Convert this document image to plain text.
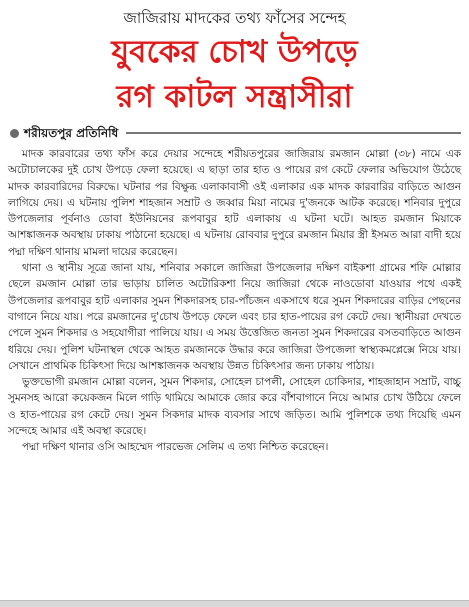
জাজিরায় মাদকের তথ্য ফাঁসের সন্দেহ
যুবকের চোখ উপড়ে
রগ কাটল সন্ত্রাসীরা
শরীয়তপুর প্রতিনিধি

মাদক কারবারের তথ্য ফাঁস করে দেয়ার সন্দেহে শরীয়তপুরের জাজিরায় রমজান মোল্লা (৩৮) নামে এক অটোচালকের দুই চোখ উপড়ে ফেলা হয়েছে। এ ছাড়া তার হাত ও পায়ের রগ কেটে ফেলার অভিযোগ উঠেছে মাদক কারবারিদের বিরুদ্ধে। ঘটনার পর বিক্ষুব্ধ এলাকাবাসী ওই এলাকার এক মাদক কারবারির বাড়িতে আগুন লাগিয়ে দেয়। এ ঘটনায় পুলিশ শাহজান সম্রাট ও জব্বার মিয়া নামের দু'জনকে আটক করেছে। শনিবার দুপুরে উপজেলার পূর্বনাও ডোবা ইউনিয়নের রূপবাবুর হাট এলাকায় এ ঘটনা ঘটে। আহত রমজান মিয়াকে আশঙ্কাজনক অবস্থায় ঢাকায় পাঠানো হয়েছে। এ ঘটনায় রোববার দুপুরে রমজান মিয়ার স্ত্রী ইসমত আরা বাদী হয়ে পদ্মা দক্ষিণ থানায় মামলা দায়ের করেছেন।

থানা ও স্থানীয় সূত্রে জানা যায়, শনিবার সকালে জাজিরা উপজেলার দক্ষিণ বাইকশা গ্রামের শফি মোল্লার ছেলে রমজান মোল্লা তার ভাড়ায় চালিত অটোরিকশা নিয়ে জাজিরা থেকে নাওডোবা যাওয়ার পথে একই উপজেলার রূপবাবুর হাট এলাকার সুমন শিকদারসহ চার-পাঁচজন একসাথে ধরে সুমন শিকদারের বাড়ির পেছনের বাগানে নিয়ে যায়। পরে রমজানের দু'চোখ উপড়ে ফেলে এবং চার হাত-পায়ের রগ কেটে দেয়। স্থানীয়রা দেখতে পেলে সুমন শিকদার ও সহযোগীরা পালিয়ে যায়। এ সময় উত্তেজিত জনতা সুমন শিকদারের বসতবাড়িতে আগুন ধরিয়ে দেয়। পুলিশ ঘটনাস্থল থেকে আহত রমজানকে উদ্ধার করে জাজিরা উপজেলা স্বাস্থ্যকমপ্লেক্সে নিয়ে যায়। সেখানে প্রাথমিক চিকিৎসা দিয়ে আশঙ্কাজনক অবস্থায় উন্নত চিকিৎসার জন্য ঢাকায় পাঠায়।

ভুক্তভোগী রমজান মোল্লা বলেন, সুমন শিকদার, সোহেল চাপলী, সোহেল চোকিদার, শাহজাহান সম্রাট, বাচ্চু সুমনসহ আরো কয়েকজন মিলে গাড়ি থামিয়ে আমাকে জোর করে বাঁশবাগানে নিয়ে আমার চোখ উঠিয়ে ফেলে ও হাত-পায়ের রগ কেটে দেয়। সুমন সিকদার মাদক ব্যবসার সাথে জড়িত। আমি পুলিশকে তথ্য দিয়েছি এমন সন্দেহে আমার এই অবস্থা করেছে।

পদ্মা দক্ষিণ থানার ওসি আহম্মেদ পারভেজ সেলিম এ তথ্য নিশ্চিত করেছেন।
